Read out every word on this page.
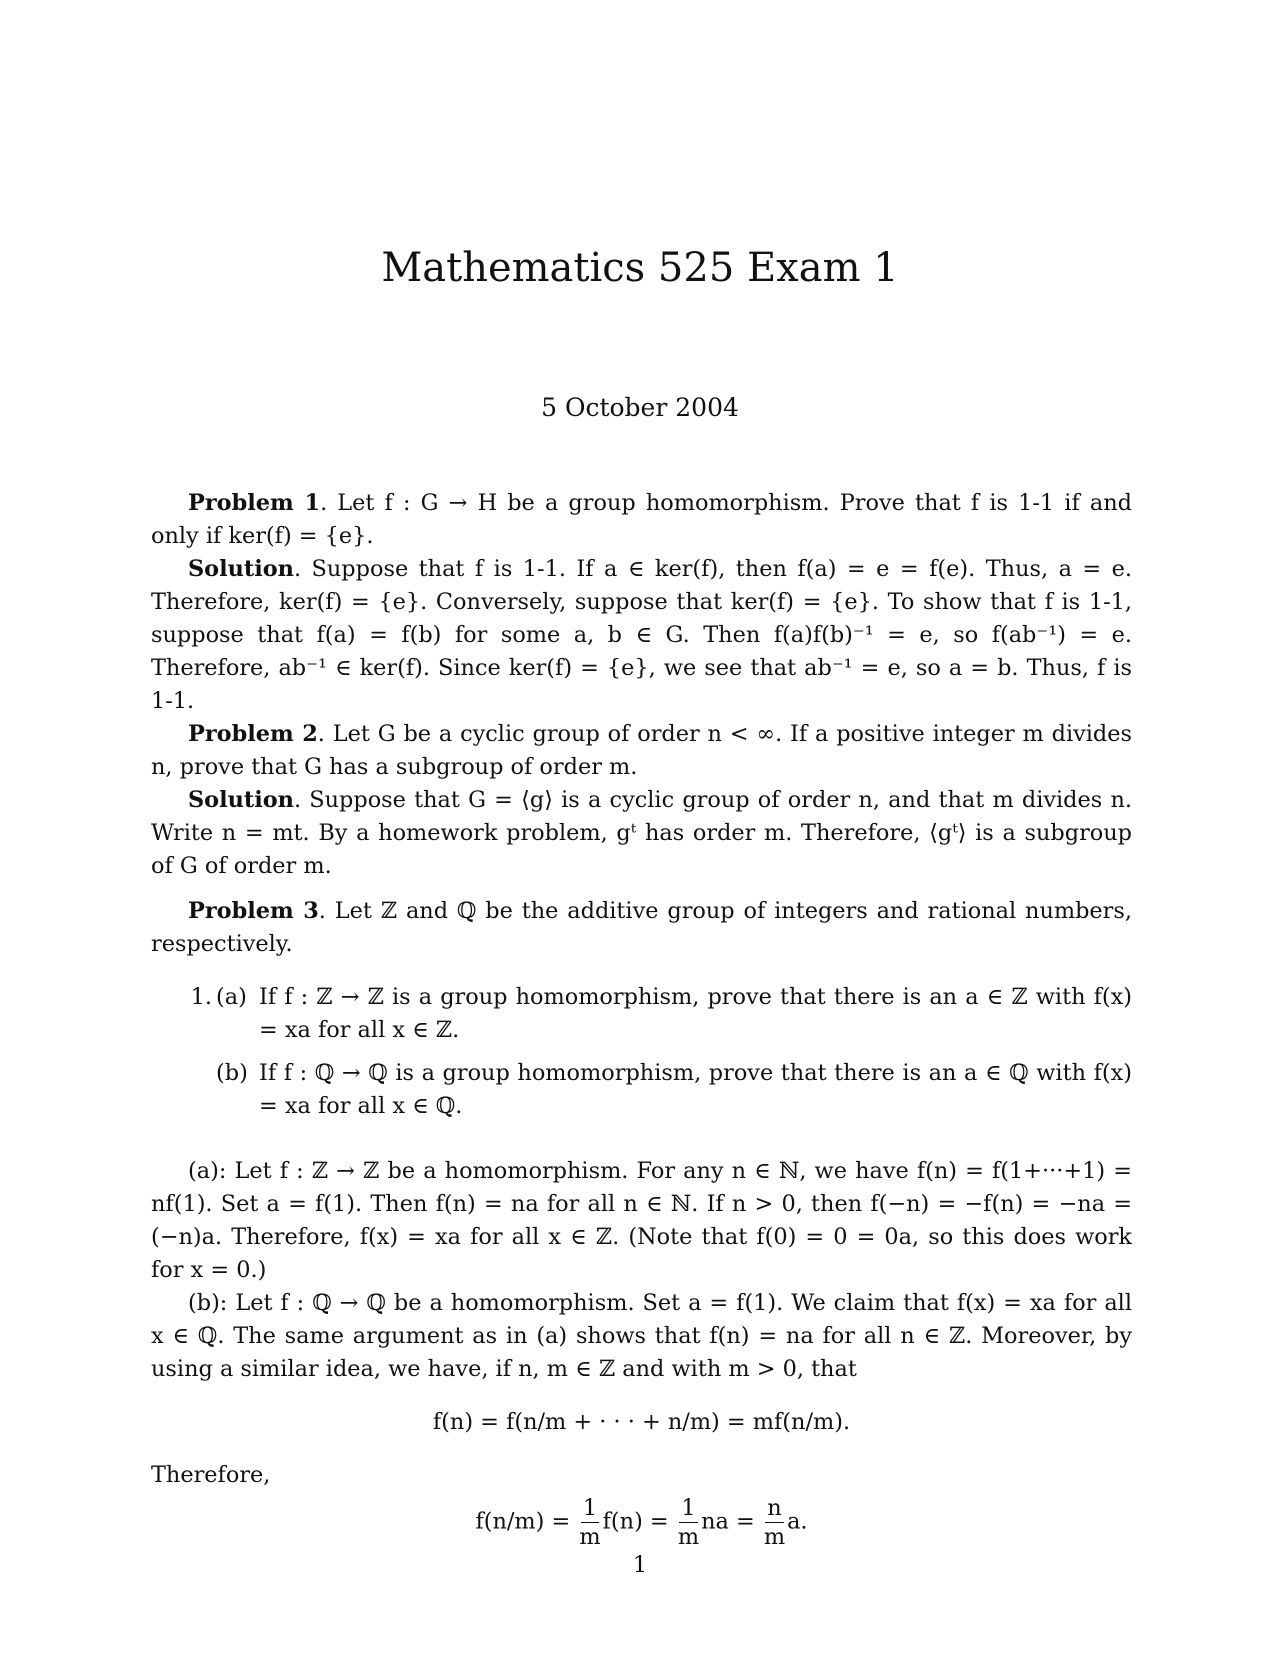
Mathematics 525 Exam 1
5 October 2004

Problem 1. Let f : G → H be a group homomorphism. Prove that f is 1-1 if and only if ker(f) = {e}.

Solution. Suppose that f is 1-1. If a ∈ ker(f), then f(a) = e = f(e). Thus, a = e. Therefore, ker(f) = {e}. Conversely, suppose that ker(f) = {e}. To show that f is 1-1, suppose that f(a) = f(b) for some a, b ∈ G. Then f(a)f(b)⁻¹ = e, so f(ab⁻¹) = e. Therefore, ab⁻¹ ∈ ker(f). Since ker(f) = {e}, we see that ab⁻¹ = e, so a = b. Thus, f is 1-1.

Problem 2. Let G be a cyclic group of order n < ∞. If a positive integer m divides n, prove that G has a subgroup of order m.

Solution. Suppose that G = ⟨g⟩ is a cyclic group of order n, and that m divides n. Write n = mt. By a homework problem, gᵗ has order m. Therefore, ⟨gᵗ⟩ is a subgroup of G of order m.

Problem 3. Let ℤ and ℚ be the additive group of integers and rational numbers, respectively.

1. (a) If f : ℤ → ℤ is a group homomorphism, prove that there is an a ∈ ℤ with f(x) = xa for all x ∈ ℤ.
(b) If f : ℚ → ℚ is a group homomorphism, prove that there is an a ∈ ℚ with f(x) = xa for all x ∈ ℚ.

(a): Let f : ℤ → ℤ be a homomorphism. For any n ∈ ℕ, we have f(n) = f(1+···+1) = nf(1). Set a = f(1). Then f(n) = na for all n ∈ ℕ. If n > 0, then f(−n) = −f(n) = −na = (−n)a. Therefore, f(x) = xa for all x ∈ ℤ. (Note that f(0) = 0 = 0a, so this does work for x = 0.)

(b): Let f : ℚ → ℚ be a homomorphism. Set a = f(1). We claim that f(x) = xa for all x ∈ ℚ. The same argument as in (a) shows that f(n) = na for all n ∈ ℤ. Moreover, by using a similar idea, we have, if n, m ∈ ℤ and with m > 0, that

f(n) = f(n/m + · · · + n/m) = mf(n/m).

Therefore,

$f(n/m) = \frac{1}{m} f(n) = \frac{1}{m}$ na = $\frac{n}{m} a$.
1
